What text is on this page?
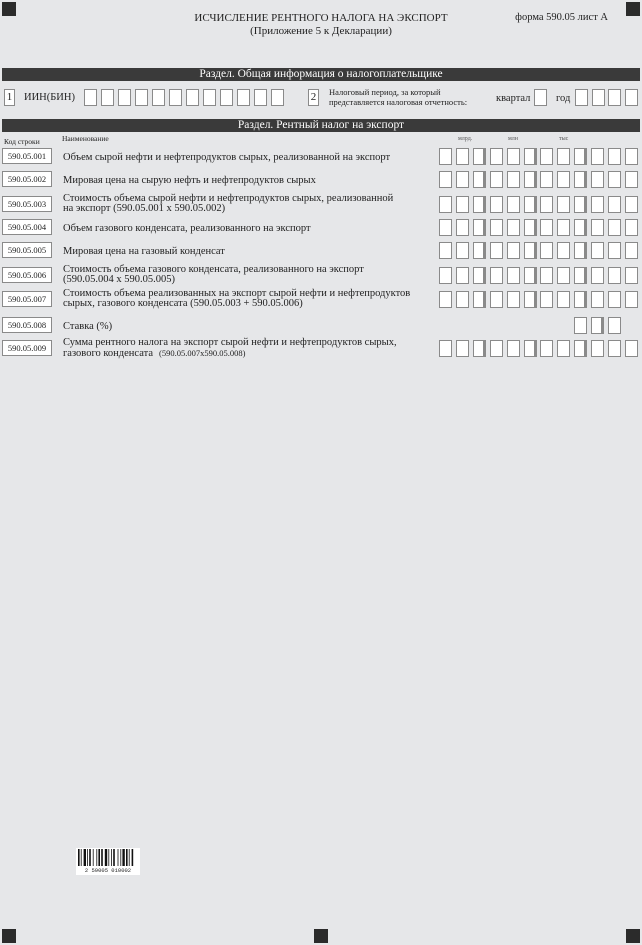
ИСЧИСЛЕНИЕ РЕНТНОГО НАЛОГА НА ЭКСПОРТ
(Приложение 5 к Декларации)
форма 590.05 лист А
Раздел. Общая информация о налогоплательщике
1 ИИН(БИН)	2	Налоговый период, за который
представляется налоговая отчетность:	квартал год
Раздел. Рентный налог на экспорт
Код строки	Наименование	млрд.	млн	тыс
590.05.001	Объем сырой нефти и нефтепродуктов сырых, реализованной на экспорт
590.05.002	Мировая цена на сырую нефть и нефтепродуктов сырых
590.05.003	Стоимость объема сырой нефти и нефтепродуктов сырых, реализованной
на экспорт (590.05.001 х 590.05.002)
590.05.004	Объем газового конденсата, реализованного на экспорт
590.05.005	Мировая цена на газовый конденсат
590.05.006	Стоимость объема газового конденсата, реализованного на экспорт
(590.05.004 х 590.05.005)
590.05.007	Стоимость объема реализованных на экспорт сырой нефти и нефтепродуктов
сырых, газового конденсата (590.05.003 + 590.05.006)
590.05.008	Ставка (%)
590.05.009	Сумма рентного налога на экспорт сырой нефти и нефтепродуктов сырых,
газового конденсата (590.05.007х590.05.008)
2 59005 010002
